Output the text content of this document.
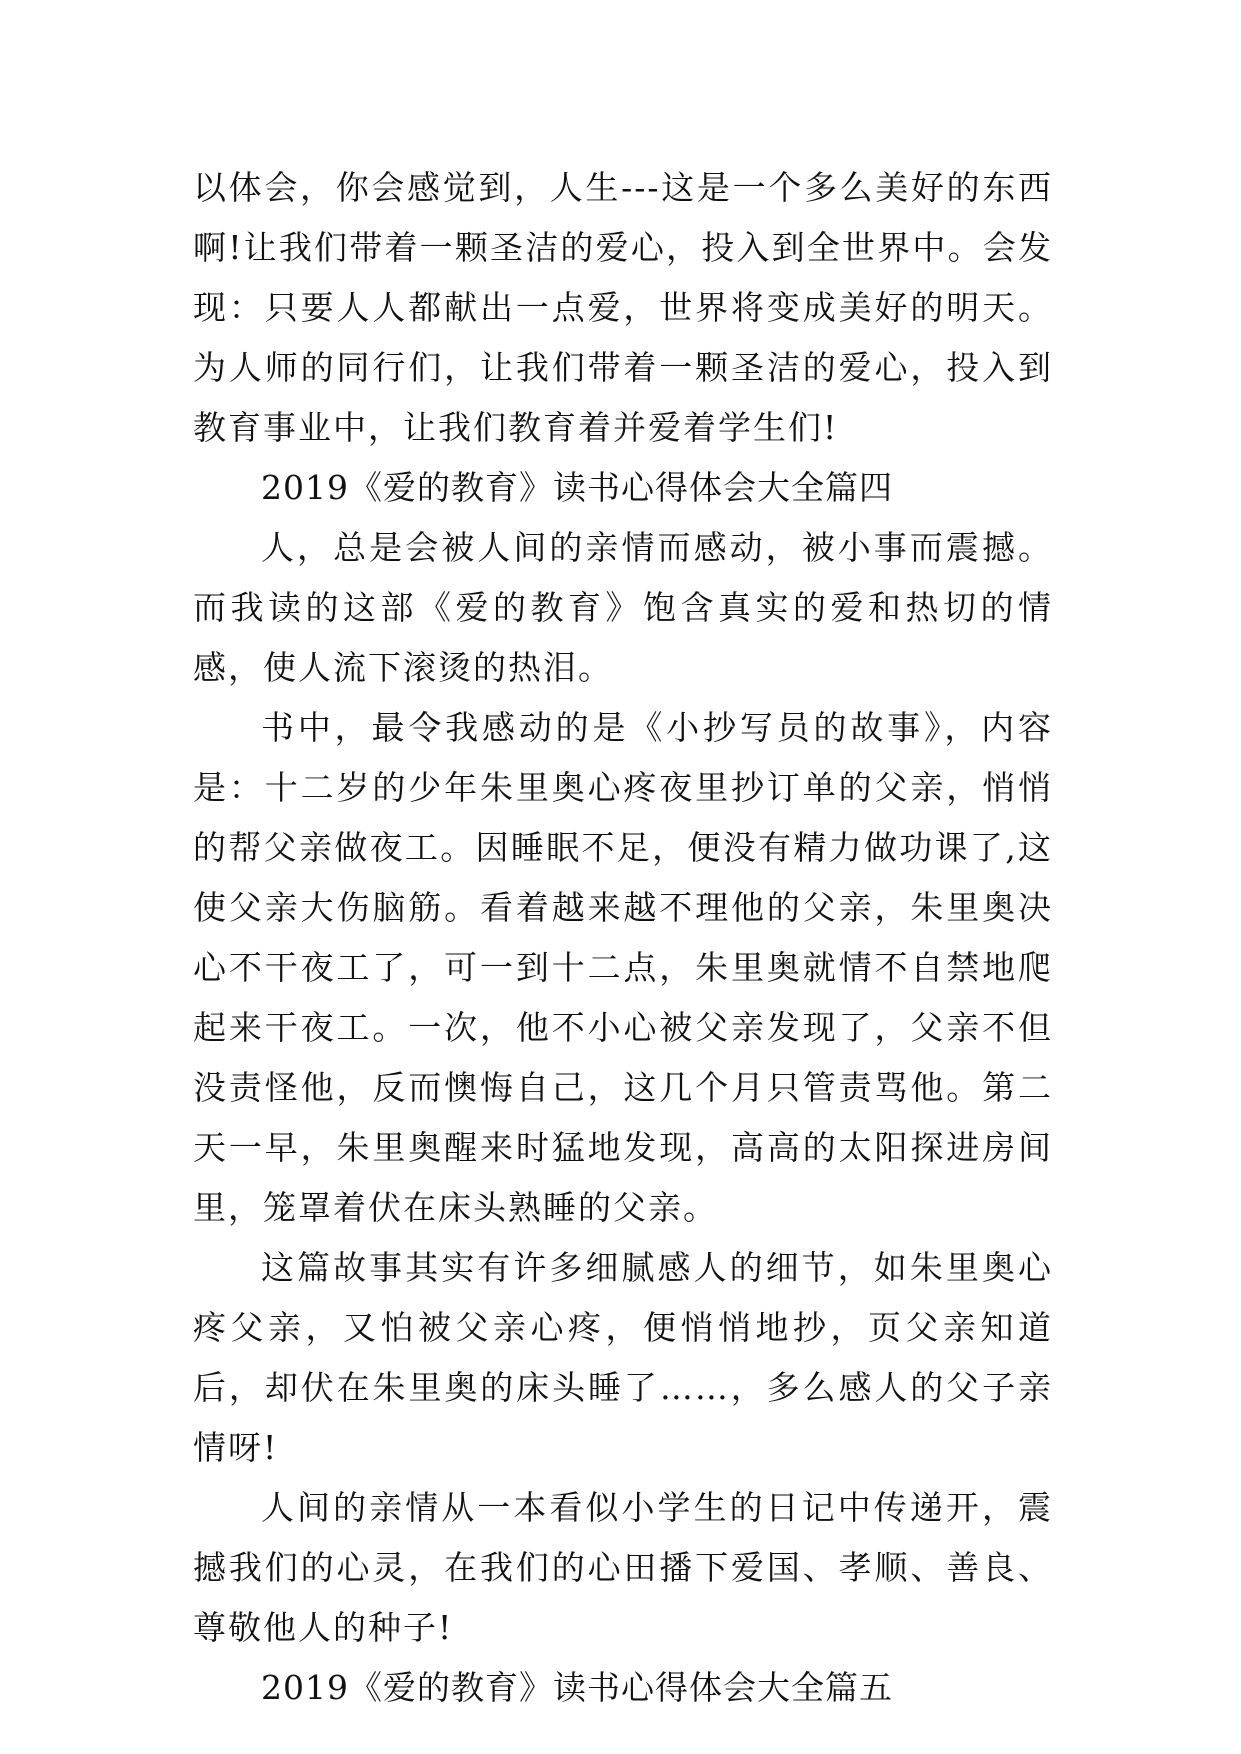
以体会，你会感觉到，人生---这是一个多么美好的东西啊!让我们带着一颗圣洁的爱心，投入到全世界中。会发现：只要人人都献出一点爱，世界将变成美好的明天。为人师的同行们，让我们带着一颗圣洁的爱心，投入到教育事业中，让我们教育着并爱着学生们!

2019《爱的教育》读书心得体会大全篇四

人，总是会被人间的亲情而感动，被小事而震撼。而我读的这部《爱的教育》饱含真实的爱和热切的情感，使人流下滚烫的热泪。

书中，最令我感动的是《小抄写员的故事》，内容是：十二岁的少年朱里奥心疼夜里抄订单的父亲，悄悄的帮父亲做夜工。因睡眠不足，便没有精力做功课了,这使父亲大伤脑筋。看着越来越不理他的父亲，朱里奥决心不干夜工了，可一到十二点，朱里奥就情不自禁地爬起来干夜工。一次，他不小心被父亲发现了，父亲不但没责怪他，反而懊悔自己，这几个月只管责骂他。第二天一早，朱里奥醒来时猛地发现，高高的太阳探进房间里，笼罩着伏在床头熟睡的父亲。

这篇故事其实有许多细腻感人的细节，如朱里奥心疼父亲，又怕被父亲心疼，便悄悄地抄，页父亲知道后，却伏在朱里奥的床头睡了……，多么感人的父子亲情呀!

人间的亲情从一本看似小学生的日记中传递开，震撼我们的心灵，在我们的心田播下爱国、孝顺、善良、尊敬他人的种子!

2019《爱的教育》读书心得体会大全篇五
